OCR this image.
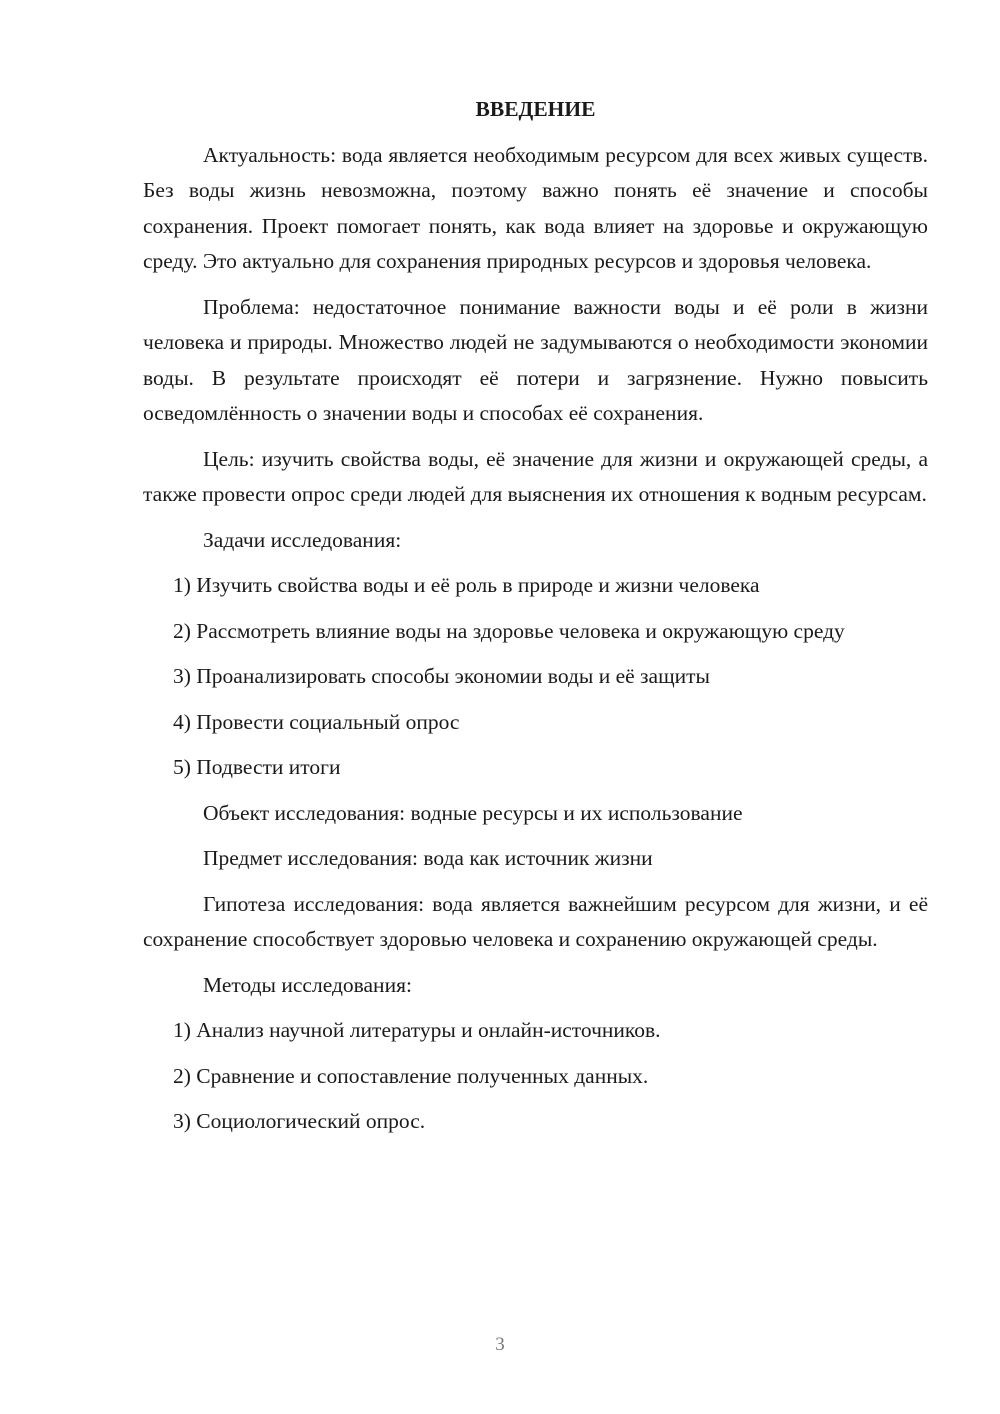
ВВЕДЕНИЕ

Актуальность: вода является необходимым ресурсом для всех живых существ. Без воды жизнь невозможна, поэтому важно понять её значение и способы сохранения. Проект помогает понять, как вода влияет на здоровье и окружающую среду. Это актуально для сохранения природных ресурсов и здоровья человека.

Проблема: недостаточное понимание важности воды и её роли в жизни человека и природы. Множество людей не задумываются о необходимости экономии воды. В результате происходят её потери и загрязнение. Нужно повысить осведомлённость о значении воды и способах её сохранения.

Цель: изучить свойства воды, её значение для жизни и окружающей среды, а также провести опрос среди людей для выяснения их отношения к водным ресурсам.

Задачи исследования:

1) Изучить свойства воды и её роль в природе и жизни человека

2) Рассмотреть влияние воды на здоровье человека и окружающую среду

3) Проанализировать способы экономии воды и её защиты

4) Провести социальный опрос

5) Подвести итоги

Объект исследования: водные ресурсы и их использование

Предмет исследования: вода как источник жизни

Гипотеза исследования: вода является важнейшим ресурсом для жизни, и её сохранение способствует здоровью человека и сохранению окружающей среды.

Методы исследования:

1) Анализ научной литературы и онлайн-источников.

2) Сравнение и сопоставление полученных данных.

3) Социологический опрос.

3
